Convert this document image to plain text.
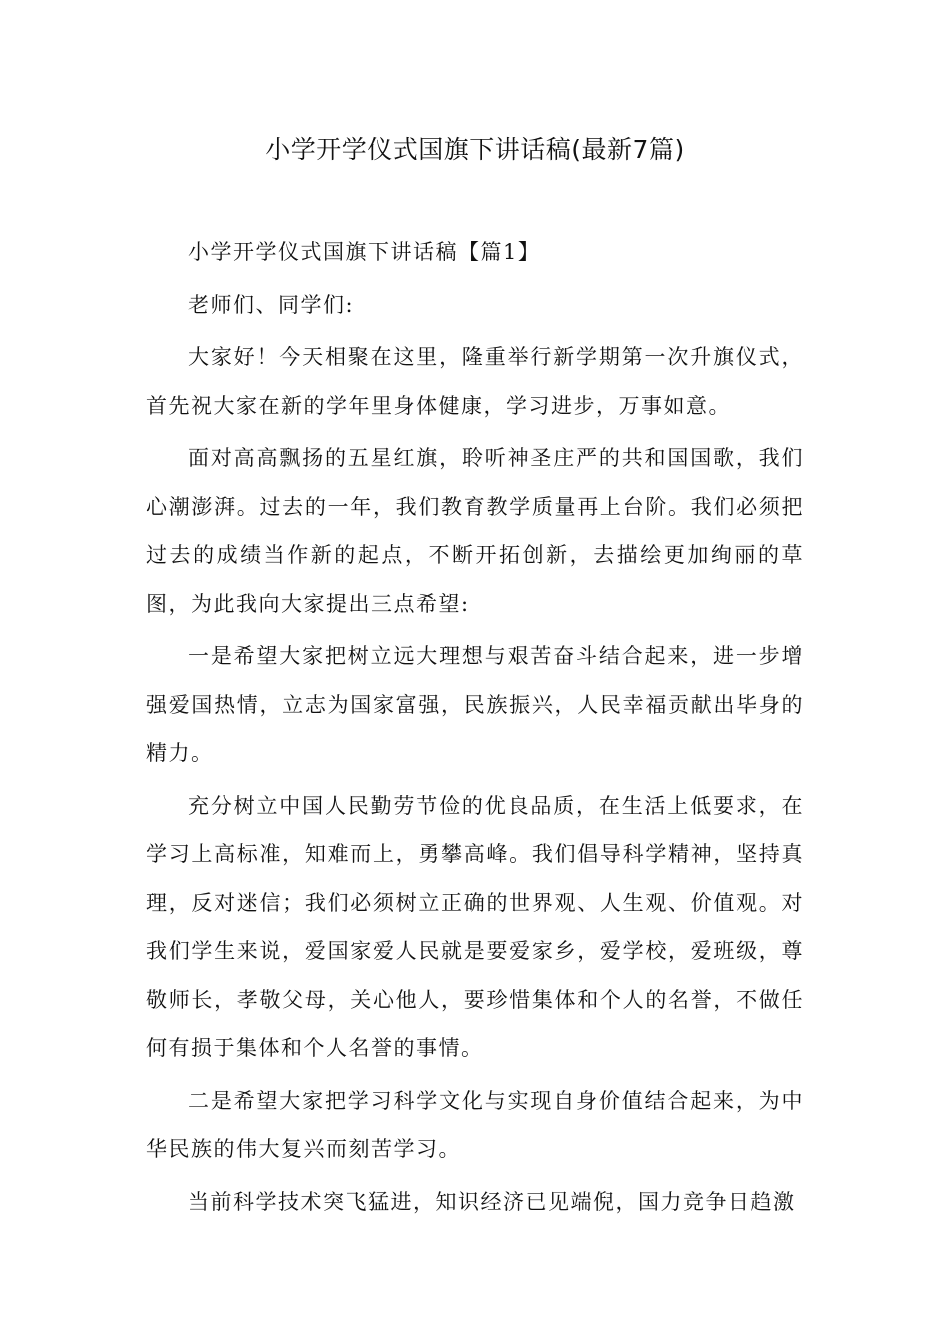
小学开学仪式国旗下讲话稿(最新7篇)

小学开学仪式国旗下讲话稿【篇1】

老师们、同学们:

大家好！今天相聚在这里，隆重举行新学期第一次升旗仪式，首先祝大家在新的学年里身体健康，学习进步，万事如意。

面对高高飘扬的五星红旗，聆听神圣庄严的共和国国歌，我们心潮澎湃。过去的一年，我们教育教学质量再上台阶。我们必须把过去的成绩当作新的起点，不断开拓创新，去描绘更加绚丽的草图，为此我向大家提出三点希望:

一是希望大家把树立远大理想与艰苦奋斗结合起来，进一步增强爱国热情，立志为国家富强，民族振兴，人民幸福贡献出毕身的精力。

充分树立中国人民勤劳节俭的优良品质，在生活上低要求，在学习上高标准，知难而上，勇攀高峰。我们倡导科学精神，坚持真理，反对迷信；我们必须树立正确的世界观、人生观、价值观。对我们学生来说，爱国家爱人民就是要爱家乡，爱学校，爱班级，尊敬师长，孝敬父母，关心他人，要珍惜集体和个人的名誉，不做任何有损于集体和个人名誉的事情。

二是希望大家把学习科学文化与实现自身价值结合起来，为中华民族的伟大复兴而刻苦学习。

当前科学技术突飞猛进，知识经济已见端倪，国力竞争日趋激
